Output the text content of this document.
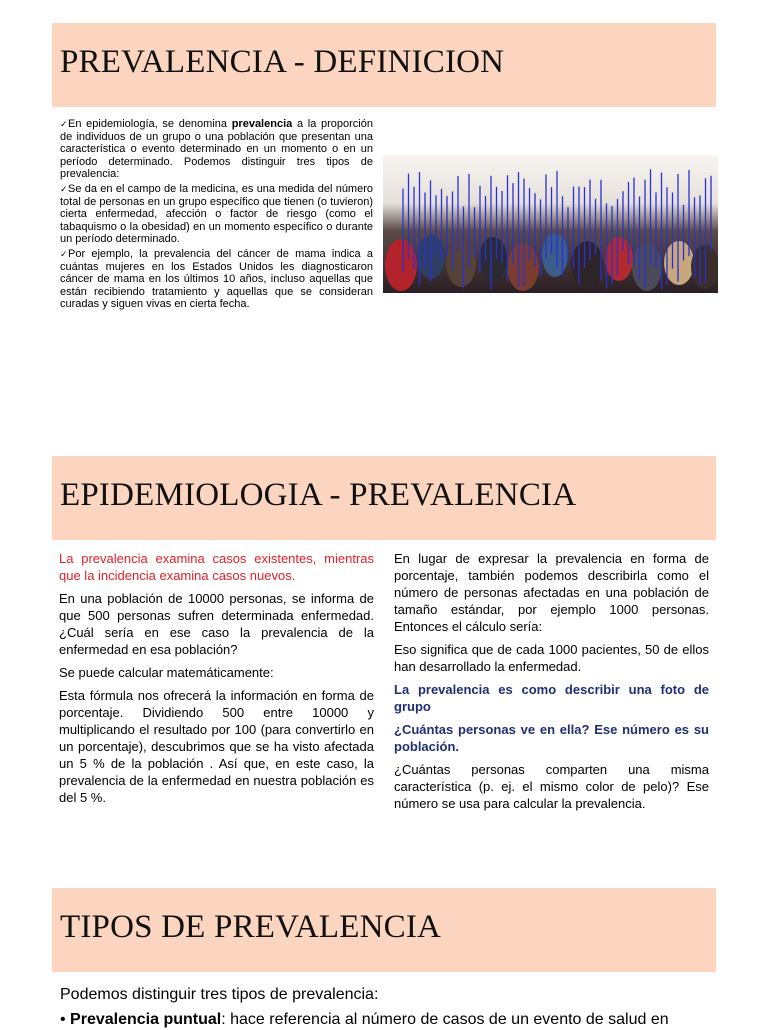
PREVALENCIA - DEFINICION

✓En epidemiología, se denomina prevalencia a la proporción de individuos de un grupo o una población que presentan una característica o evento determinado en un momento o en un período determinado. Podemos distinguir tres tipos de prevalencia:

✓Se da en el campo de la medicina, es una medida del número total de personas en un grupo específico que tienen (o tuvieron) cierta enfermedad, afección o factor de riesgo (como el tabaquismo o la obesidad) en un momento específico o durante un período determinado.

✓Por ejemplo, la prevalencia del cáncer de mama indica a cuántas mujeres en los Estados Unidos les diagnosticaron cáncer de mama en los últimos 10 años, incluso aquellas que están recibiendo tratamiento y aquellas que se consideran curadas y siguen vivas en cierta fecha.

EPIDEMIOLOGIA - PREVALENCIA

La prevalencia examina casos existentes, mientras que la incidencia examina casos nuevos.

En una población de 10000 personas, se informa de que 500 personas sufren determinada enfermedad. ¿Cuál sería en ese caso la prevalencia de la enfermedad en esa población?

Se puede calcular matemáticamente:

Esta fórmula nos ofrecerá la información en forma de porcentaje. Dividiendo 500 entre 10000 y multiplicando el resultado por 100 (para convertirlo en un porcentaje), descubrimos que se ha visto afectada un 5 % de la población . Así que, en este caso, la prevalencia de la enfermedad en nuestra población es del 5 %.

En lugar de expresar la prevalencia en forma de porcentaje, también podemos describirla como el número de personas afectadas en una población de tamaño estándar, por ejemplo 1000 personas. Entonces el cálculo sería:

Eso significa que de cada 1000 pacientes, 50 de ellos han desarrollado la enfermedad.

La prevalencia es como describir una foto de grupo

¿Cuántas personas ve en ella? Ese número es su población.

¿Cuántas personas comparten una misma característica (p. ej. el mismo color de pelo)? Ese número se usa para calcular la prevalencia.

TIPOS DE PREVALENCIA
Podemos distinguir tres tipos de prevalencia:
• Prevalencia puntual: hace referencia al número de casos de un evento de salud en
